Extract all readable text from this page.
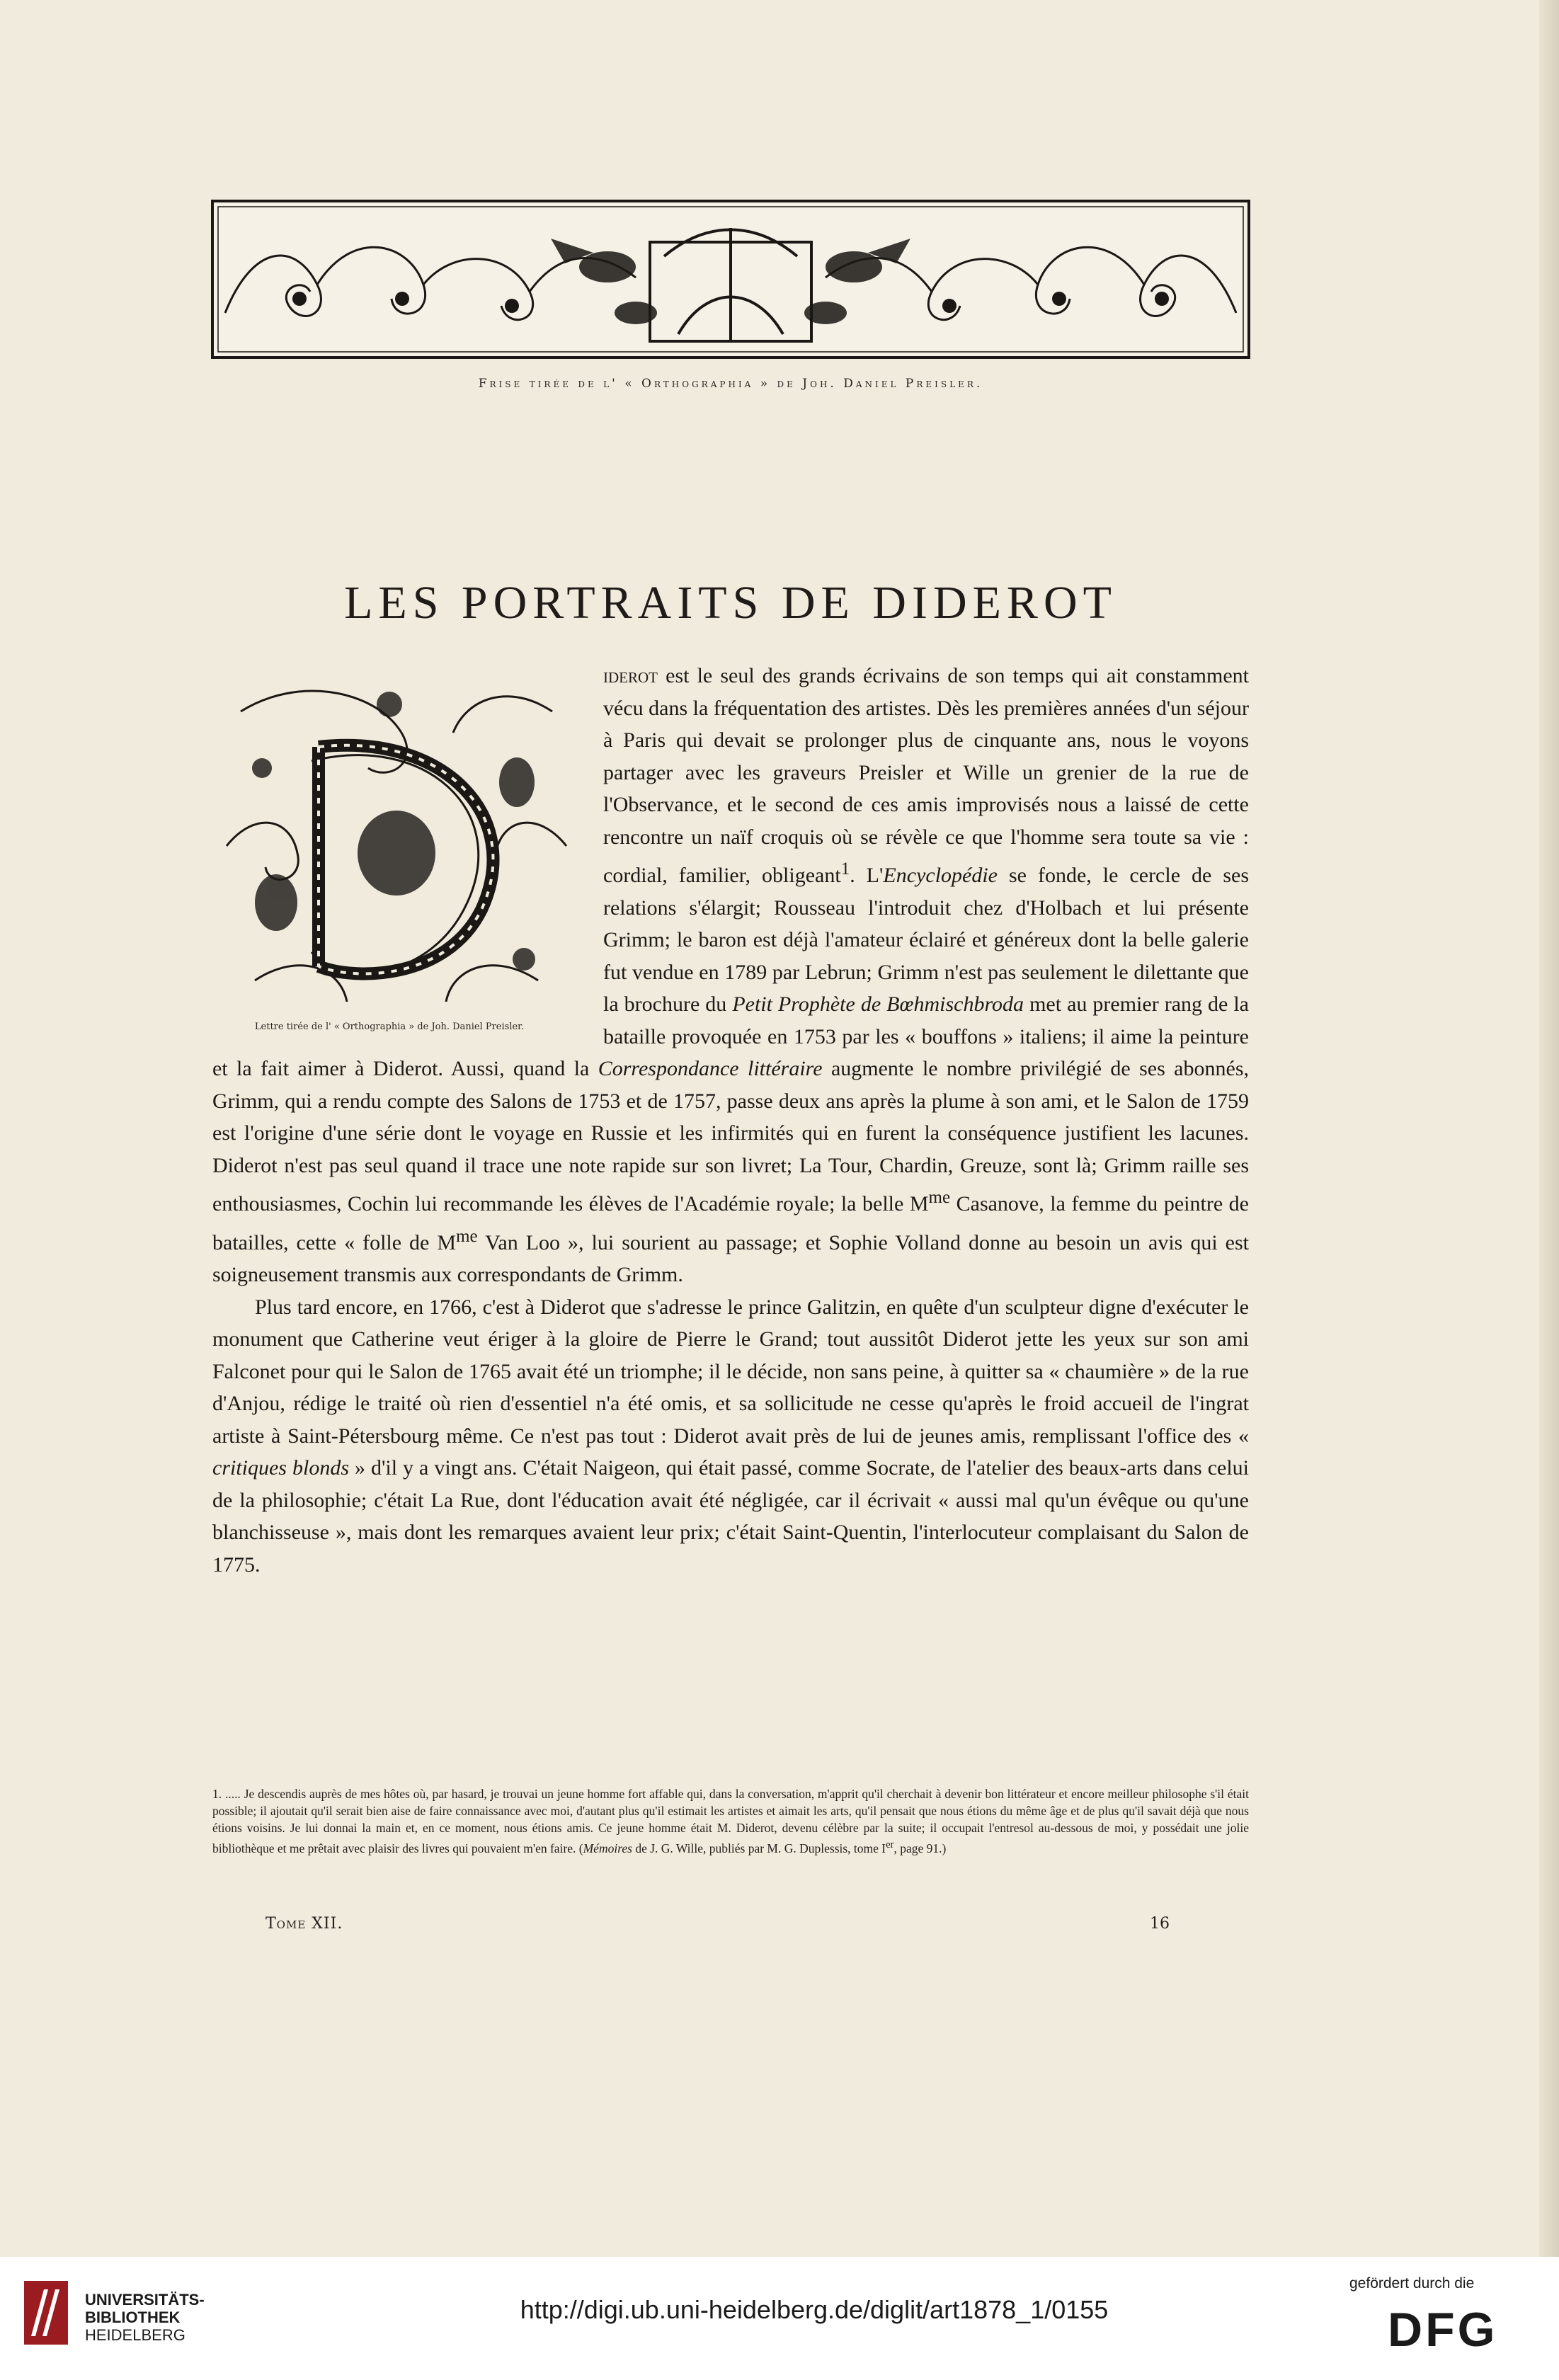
Frise tirée de l' « Orthographia » de Joh. Daniel Preisler.
LES PORTRAITS DE DIDEROT
Lettre tirée de l' « Orthographia » de Joh. Daniel Preisler.

iderot est le seul des grands écrivains de son temps qui ait constamment vécu dans la fréquentation des artistes. Dès les premières années d'un séjour à Paris qui devait se prolonger plus de cinquante ans, nous le voyons partager avec les graveurs Preisler et Wille un grenier de la rue de l'Observance, et le second de ces amis improvisés nous a laissé de cette rencontre un naïf croquis où se révèle ce que l'homme sera toute sa vie : cordial, familier, obligeant$^1$. L'Encyclopédie se fonde, le cercle de ses relations s'élargit; Rousseau l'introduit chez d'Holbach et lui présente Grimm; le baron est déjà l'amateur éclairé et généreux dont la belle galerie fut vendue en 1789 par Lebrun; Grimm n'est pas seulement le dilettante que la brochure du Petit Prophète de Bœhmischbroda met au premier rang de la bataille provoquée en 1753 par les « bouffons » italiens; il aime la peinture et la fait aimer à Diderot. Aussi, quand la Correspondance littéraire augmente le nombre privilégié de ses abonnés, Grimm, qui a rendu compte des Salons de 1753 et de 1757, passe deux ans après la plume à son ami, et le Salon de 1759 est l'origine d'une série dont le voyage en Russie et les infirmités qui en furent la conséquence justifient les lacunes. Diderot n'est pas seul quand il trace une note rapide sur son livret; La Tour, Chardin, Greuze, sont là; Grimm raille ses enthousiasmes, Cochin lui recommande les élèves de l'Académie royale; la belle $M^{me}$ Casanove, la femme du peintre de batailles, cette « folle de $M^{me}$ Van Loo », lui sourient au passage; et Sophie Volland donne au besoin un avis qui est soigneusement transmis aux correspondants de Grimm.

Plus tard encore, en 1766, c'est à Diderot que s'adresse le prince Galitzin, en quête d'un sculpteur digne d'exécuter le monument que Catherine veut ériger à la gloire de Pierre le Grand; tout aussitôt Diderot jette les yeux sur son ami Falconet pour qui le Salon de 1765 avait été un triomphe; il le décide, non sans peine, à quitter sa « chaumière » de la rue d'Anjou, rédige le traité où rien d'essentiel n'a été omis, et sa sollicitude ne cesse qu'après le froid accueil de l'ingrat artiste à Saint-Pétersbourg même. Ce n'est pas tout : Diderot avait près de lui de jeunes amis, remplissant l'office des « critiques blonds » d'il y a vingt ans. C'était Naigeon, qui était passé, comme Socrate, de l'atelier des beaux-arts dans celui de la philosophie; c'était La Rue, dont l'éducation avait été négligée, car il écrivait « aussi mal qu'un évêque ou qu'une blanchisseuse », mais dont les remarques avaient leur prix; c'était Saint-Quentin, l'interlocuteur complaisant du Salon de 1775.

1. ..... Je descendis auprès de mes hôtes où, par hasard, je trouvai un jeune homme fort affable qui, dans la conversation, m'apprit qu'il cherchait à devenir bon littérateur et encore meilleur philosophe s'il était possible; il ajoutait qu'il serait bien aise de faire connaissance avec moi, d'autant plus qu'il estimait les artistes et aimait les arts, qu'il pensait que nous étions du même âge et de plus qu'il savait déjà que nous étions voisins. Je lui donnai la main et, en ce moment, nous étions amis. Ce jeune homme était M. Diderot, devenu célèbre par la suite; il occupait l'entresol au-dessous de moi, y possédait une jolie bibliothèque et me prêtait avec plaisir des livres qui pouvaient m'en faire. (Mémoires de J. G. Wille, publiés par M. G. Duplessis, tome Ier, page 91.)
Tome XII.	16
UNIVERSITÄTS-
BIBLIOTHEK
HEIDELBERG
http://digi.ub.uni-heidelberg.de/diglit/art1878_1/0155
gefördert durch die
DFG
